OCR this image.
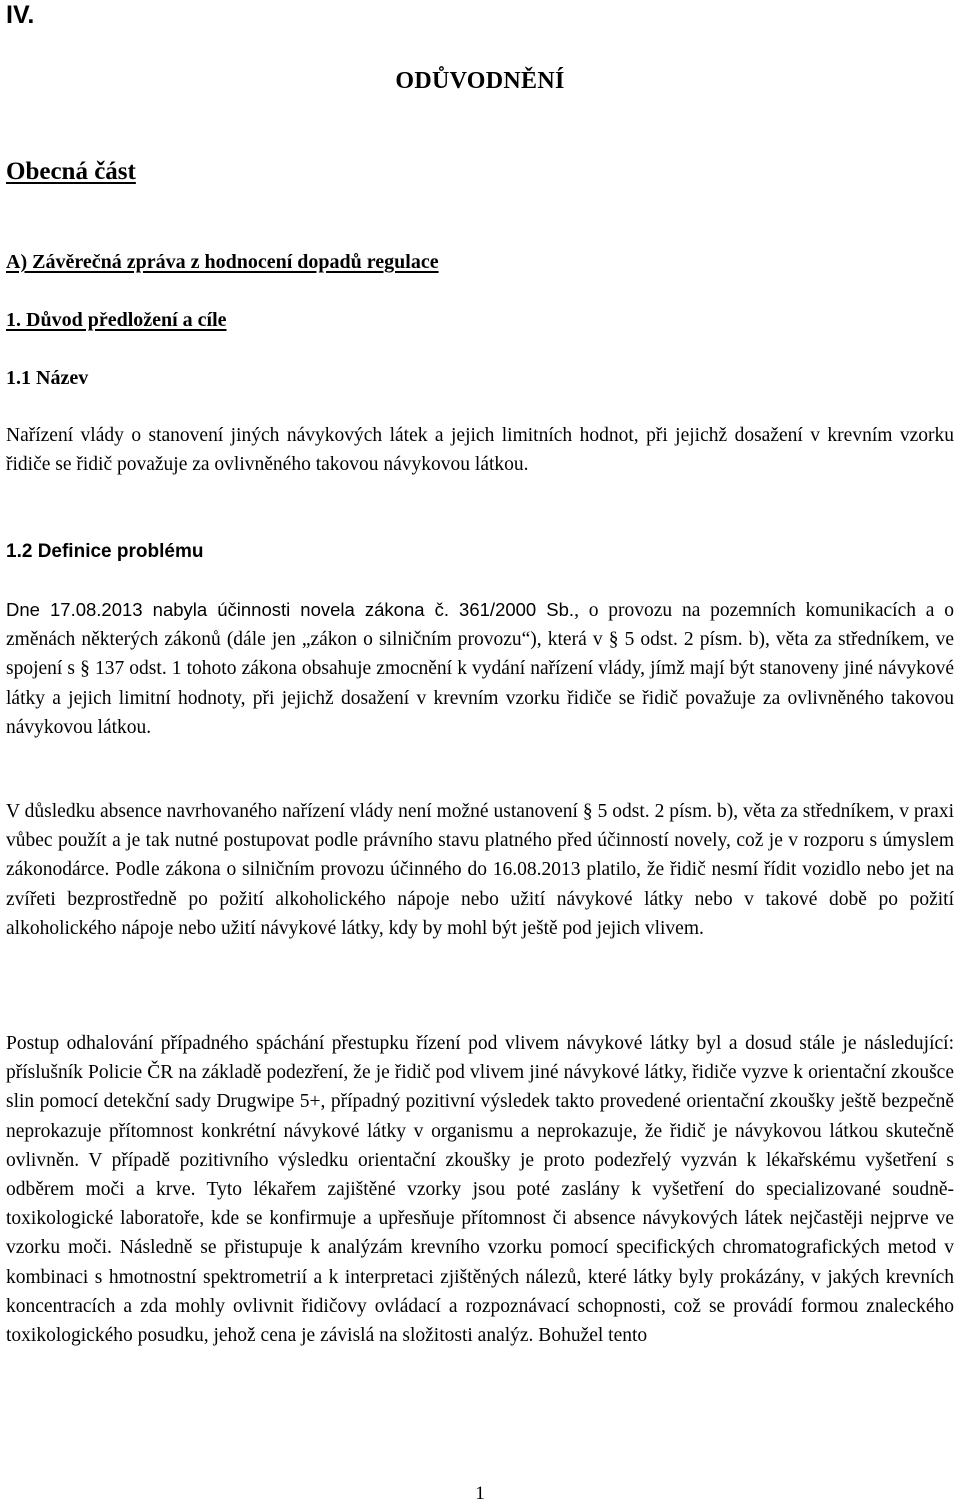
IV.

ODŮVODNĚNÍ

Obecná část

A) Závěrečná zpráva z hodnocení dopadů regulace

1. Důvod předložení a cíle

1.1 Název

Nařízení vlády o stanovení jiných návykových látek a jejich limitních hodnot, při jejichž dosažení v krevním vzorku řidiče se řidič považuje za ovlivněného takovou návykovou látkou.

1.2 Definice problému

Dne 17.08.2013 nabyla účinnosti novela zákona č. 361/2000 Sb., o provozu na pozemních komunikacích a o změnách některých zákonů (dále jen „zákon o silničním provozu“), která v § 5 odst. 2 písm. b), věta za středníkem, ve spojení s § 137 odst. 1 tohoto zákona obsahuje zmocnění k vydání nařízení vlády, jímž mají být stanoveny jiné návykové látky a jejich limitní hodnoty, při jejichž dosažení v krevním vzorku řidiče se řidič považuje za ovlivněného takovou návykovou látkou.

V důsledku absence navrhovaného nařízení vlády není možné ustanovení § 5 odst. 2 písm. b), věta za středníkem, v praxi vůbec použít a je tak nutné postupovat podle právního stavu platného před účinností novely, což je v rozporu s úmyslem zákonodárce. Podle zákona o silničním provozu účinného do 16.08.2013 platilo, že řidič nesmí řídit vozidlo nebo jet na zvířeti bezprostředně po požití alkoholického nápoje nebo užití návykové látky nebo v takové době po požití alkoholického nápoje nebo užití návykové látky, kdy by mohl být ještě pod jejich vlivem.

Postup odhalování případného spáchání přestupku řízení pod vlivem návykové látky byl a dosud stále je následující: příslušník Policie ČR na základě podezření, že je řidič pod vlivem jiné návykové látky, řidiče vyzve k orientační zkoušce slin pomocí detekční sady Drugwipe 5+, případný pozitivní výsledek takto provedené orientační zkoušky ještě bezpečně neprokazuje přítomnost konkrétní návykové látky v organismu a neprokazuje, že řidič je návykovou látkou skutečně ovlivněn. V případě pozitivního výsledku orientační zkoušky je proto podezřelý vyzván k lékařskému vyšetření s odběrem moči a krve. Tyto lékařem zajištěné vzorky jsou poté zaslány k vyšetření do specializované soudně-toxikologické laboratoře, kde se konfirmuje a upřesňuje přítomnost či absence návykových látek nejčastěji nejprve ve vzorku moči. Následně se přistupuje k analýzám krevního vzorku pomocí specifických chromatografických metod v kombinaci s hmotnostní spektrometrií a k interpretaci zjištěných nálezů, které látky byly prokázány, v jakých krevních koncentracích a zda mohly ovlivnit řidičovy ovládací a rozpoznávací schopnosti, což se provádí formou znaleckého toxikologického posudku, jehož cena je závislá na složitosti analýz. Bohužel tento

1
